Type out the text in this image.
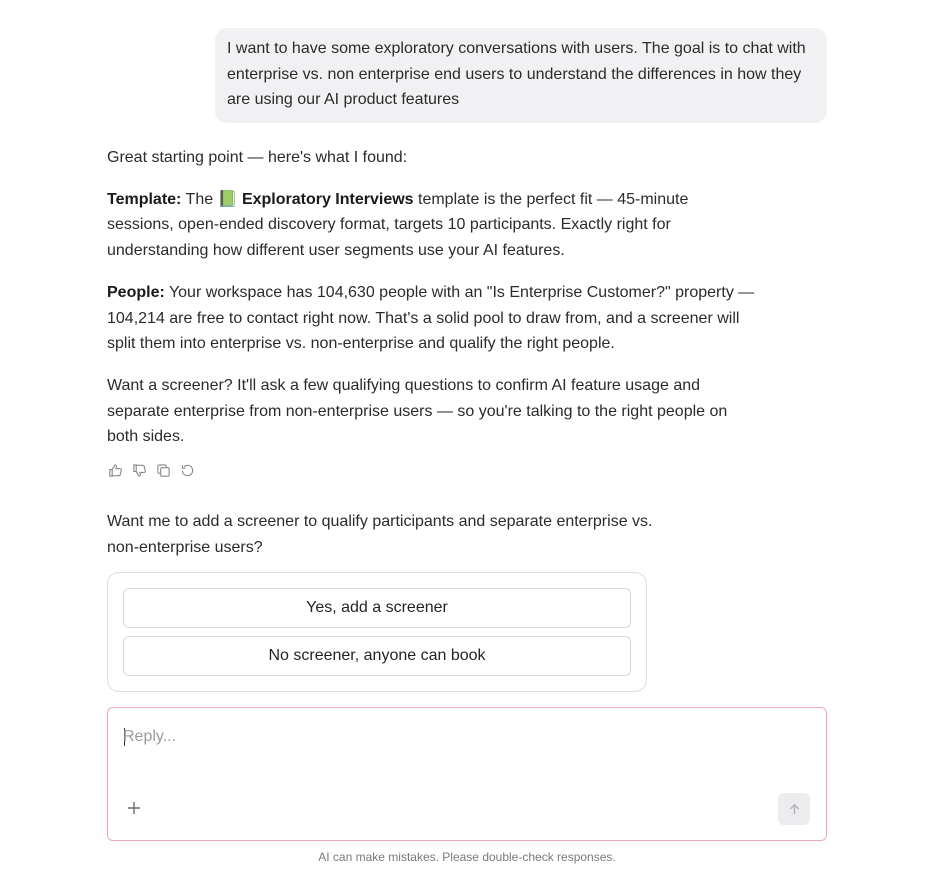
I want to have some exploratory conversations with users. The goal is to chat with enterprise vs. non enterprise end users to understand the differences in how they are using our AI product features

Great starting point — here's what I found:

Template: The 📗 Exploratory Interviews template is the perfect fit — 45-minute sessions, open-ended discovery format, targets 10 participants. Exactly right for understanding how different user segments use your AI features.

People: Your workspace has 104,630 people with an "Is Enterprise Customer?" property — 104,214 are free to contact right now. That's a solid pool to draw from, and a screener will split them into enterprise vs. non-enterprise and qualify the right people.

Want a screener? It'll ask a few qualifying questions to confirm AI feature usage and separate enterprise from non-enterprise users — so you're talking to the right people on both sides.

Want me to add a screener to qualify participants and separate enterprise vs. non-enterprise users?
Yes, add a screener
No screener, anyone can book
Reply...
AI can make mistakes. Please double-check responses.
